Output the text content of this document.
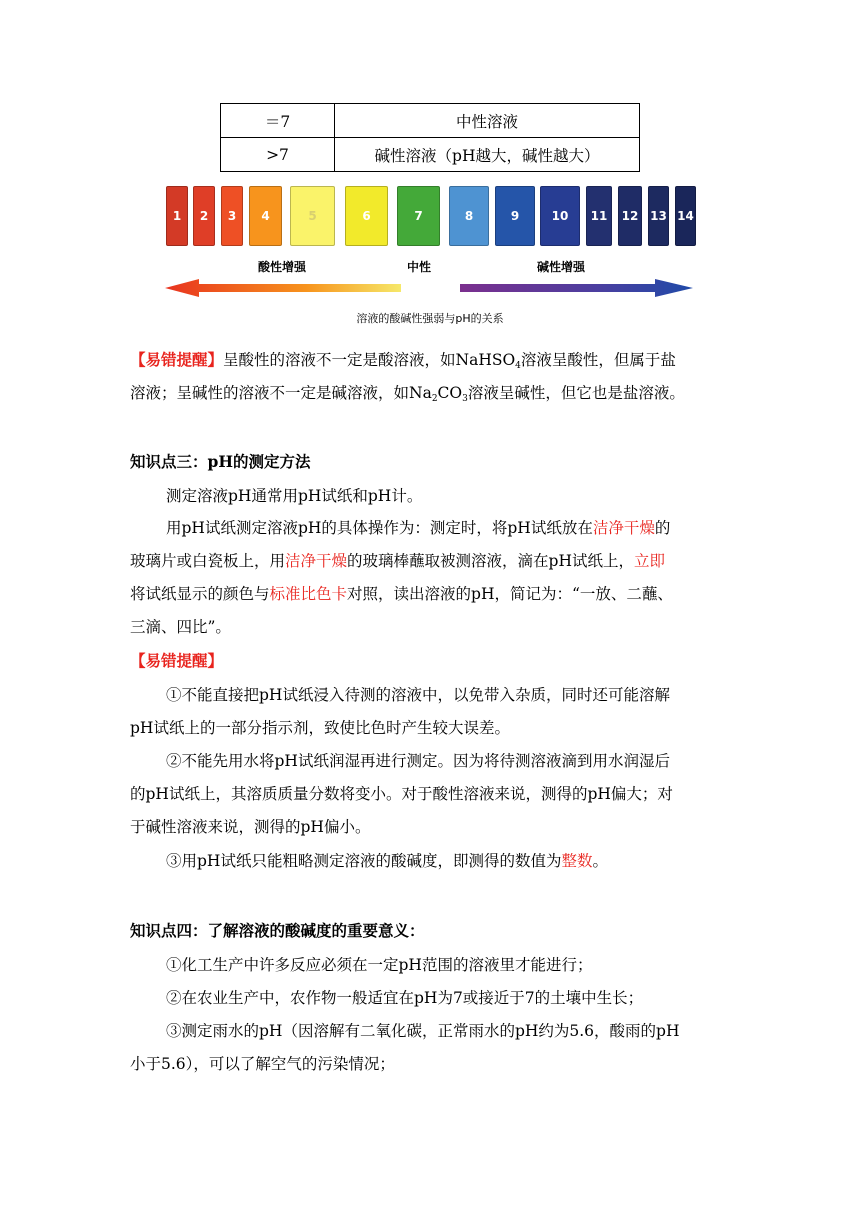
＝7	中性溶液
>7	碱性溶液（pH越大，碱性越大）
1	2	3	4	5	6	7	8	9	10	11	12 13 14
酸性增强	中性	碱性增强
溶液的酸碱性强弱与pH的关系
【易错提醒】呈酸性的溶液不一定是酸溶液，如NaHSO$_4$溶液呈酸性，但属于盐
溶液；呈碱性的溶液不一定是碱溶液，如$Na_2CO_3$溶液呈碱性，但它也是盐溶液。
知识点三：pH的测定方法
测定溶液pH通常用pH试纸和pH计。
用pH试纸测定溶液pH的具体操作为：测定时，将pH试纸放在洁净干燥的
玻璃片或白瓷板上，用洁净干燥的玻璃棒蘸取被测溶液，滴在pH试纸上，立即
将试纸显示的颜色与标准比色卡对照，读出溶液的pH，简记为：“一放、二蘸、
三滴、四比”。
【易错提醒】
①不能直接把pH试纸浸入待测的溶液中，以免带入杂质，同时还可能溶解
pH试纸上的一部分指示剂，致使比色时产生较大误差。
②不能先用水将pH试纸润湿再进行测定。因为将待测溶液滴到用水润湿后
的pH试纸上，其溶质质量分数将变小。对于酸性溶液来说，测得的pH偏大；对
于碱性溶液来说，测得的pH偏小。
③用pH试纸只能粗略测定溶液的酸碱度，即测得的数值为整数。
知识点四：了解溶液的酸碱度的重要意义：
①化工生产中许多反应必须在一定pH范围的溶液里才能进行；
②在农业生产中，农作物一般适宜在pH为7或接近于7的土壤中生长；
③测定雨水的pH（因溶解有二氧化碳，正常雨水的pH约为5.6，酸雨的pH
小于5.6），可以了解空气的污染情况；
